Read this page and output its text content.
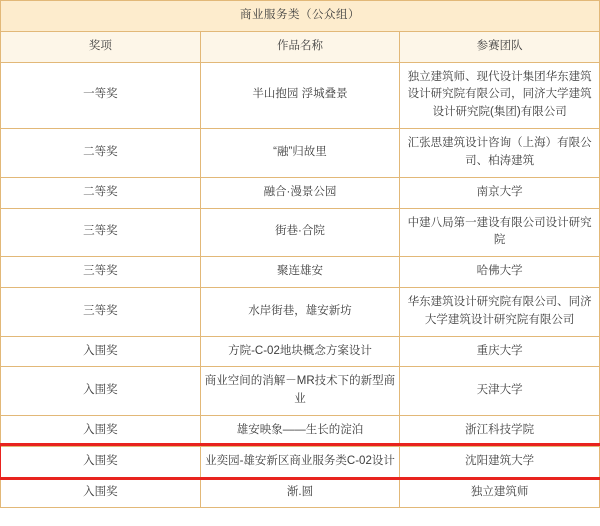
商业服务类（公众组）		
奖项	作品名称	参赛团队
一等奖	半山抱园 浮城叠景	独立建筑师、现代设计集团华东建筑设计研究院有限公司，同济大学建筑设计研究院(集团)有限公司
二等奖	“融”归故里	汇张思建筑设计咨询（上海）有限公司、柏涛建筑
二等奖	融合·漫景公园	南京大学
三等奖	街巷·合院	中建八局第一建设有限公司设计研究院
三等奖	聚连雄安	哈佛大学
三等奖	水岸街巷，雄安新坊	华东建筑设计研究院有限公司、同济大学建筑设计研究院有限公司
入围奖	方院-C-02地块概念方案设计	重庆大学
入围奖	商业空间的消解－MR技术下的新型商业	天津大学
入围奖	雄安映象——生长的淀泊	浙江科技学院
入围奖	业奕园-雄安新区商业服务类C-02设计	沈阳建筑大学
入围奖	渐.圆	独立建筑师
